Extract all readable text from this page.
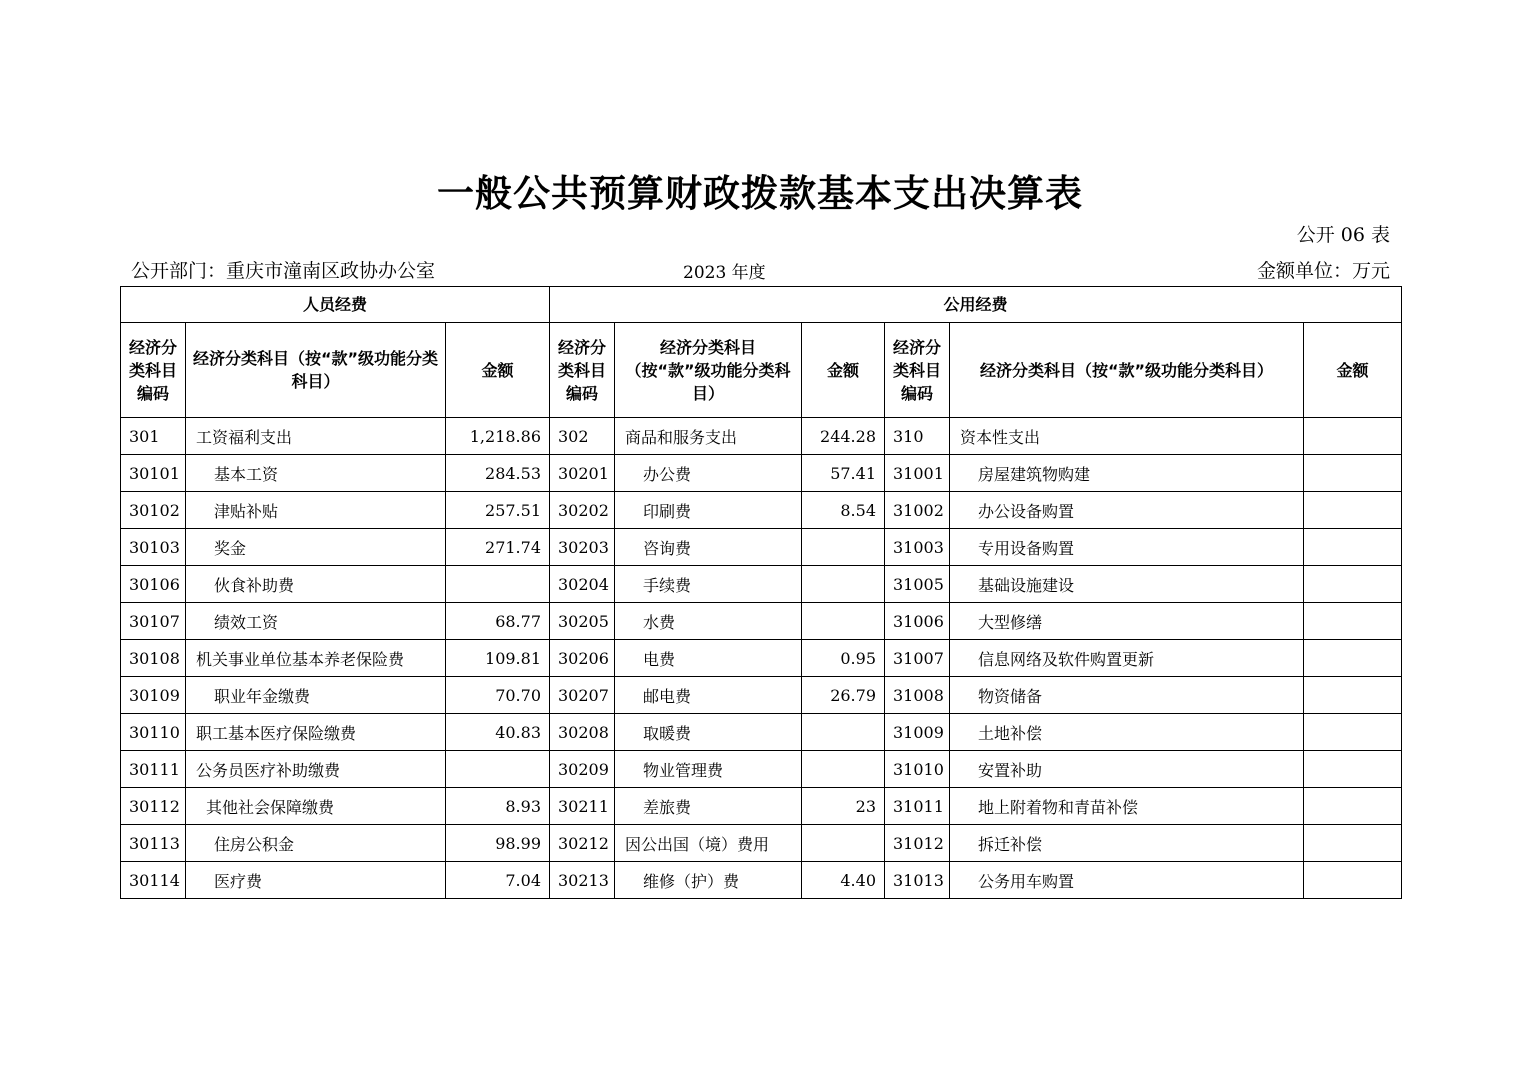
一般公共预算财政拨款基本支出决算表
公开 06 表
公开部门：重庆市潼南区政协办公室	2023 年度	金额单位：万元
人员经费			公用经费					
经济分类科目编码	经济分类科目（按“款”级功能分类科目）	金额	经济分类科目编码	经济分类科目（按“款”级功能分类科目）	金额	经济分类科目编码	经济分类科目（按“款”级功能分类科目）	金额
301	工资福利支出	1,218.86	302	商品和服务支出	244.28	310	资本性支出	
30101	基本工资	284.53	30201	办公费	57.41	31001	房屋建筑物购建	
30102	津贴补贴	257.51	30202	印刷费	8.54	31002	办公设备购置	
30103	奖金	271.74	30203	咨询费		31003	专用设备购置	
30106	伙食补助费		30204	手续费		31005	基础设施建设	
30107	绩效工资	68.77	30205	水费		31006	大型修缮	
30108	机关事业单位基本养老保险费	109.81	30206	电费	0.95	31007	信息网络及软件购置更新	
30109	职业年金缴费	70.70	30207	邮电费	26.79	31008	物资储备	
30110	职工基本医疗保险缴费	40.83	30208	取暖费		31009	土地补偿	
30111	公务员医疗补助缴费		30209	物业管理费		31010	安置补助	
30112	其他社会保障缴费	8.93	30211	差旅费	23	31011	地上附着物和青苗补偿	
30113	住房公积金	98.99	30212	因公出国（境）费用		31012	拆迁补偿	
30114	医疗费	7.04	30213	维修（护）费	4.40	31013	公务用车购置	
